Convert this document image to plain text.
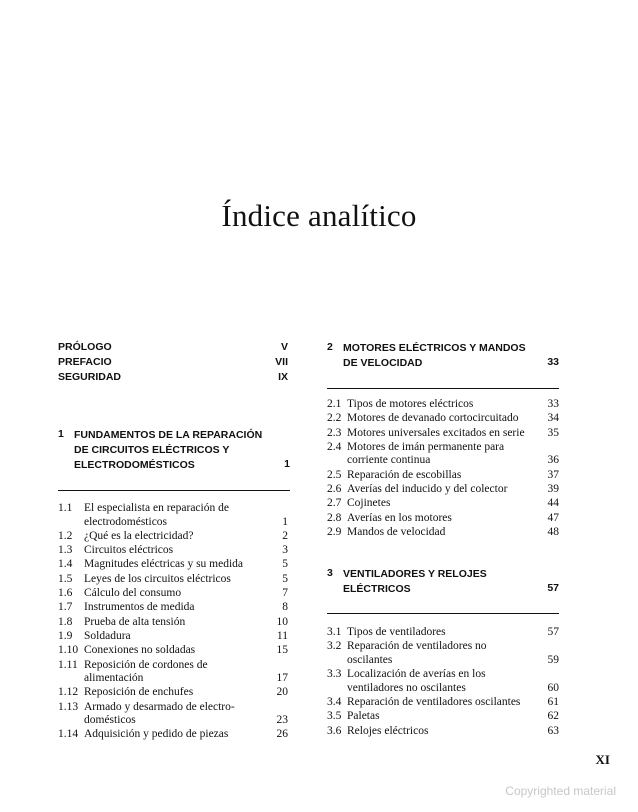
Índice analítico
PRÓLOGO	V
PREFACIO	VII
SEGURIDAD	IX
1 FUNDAMENTOS DE LA REPARACIÓN DE CIRCUITOS ELÉCTRICOS Y ELECTRODOMÉSTICOS	1
1.1 El especialista en reparación de electrodomésticos	1
1.2 ¿Qué es la electricidad?	2
1.3 Circuitos eléctricos	3
1.4 Magnitudes eléctricas y su medida	5
1.5 Leyes de los circuitos eléctricos	5
1.6 Cálculo del consumo	7
1.7 Instrumentos de medida	8
1.8 Prueba de alta tensión	10
1.9 Soldadura	11
1.10 Conexiones no soldadas	15
1.11 Reposición de cordones de alimentación	17
1.12 Reposición de enchufes	20
1.13 Armado y desarmado de electro-domésticos	23
1.14 Adquisición y pedido de piezas	26
2 MOTORES ELÉCTRICOS Y MANDOS DE VELOCIDAD	33
2.1 Tipos de motores eléctricos	33
2.2 Motores de devanado cortocircuitado	34
2.3 Motores universales excitados en serie	35
2.4 Motores de imán permanente para corriente continua	36
2.5 Reparación de escobillas	37
2.6 Averías del inducido y del colector	39
2.7 Cojinetes	44
2.8 Averías en los motores	47
2.9 Mandos de velocidad	48
3 VENTILADORES Y RELOJES ELÉCTRICOS	57
3.1 Tipos de ventiladores	57
3.2 Reparación de ventiladores no oscilantes	59
3.3 Localización de averías en los ventiladores no oscilantes	60
3.4 Reparación de ventiladores oscilantes	61
3.5 Paletas	62
3.6 Relojes eléctricos	63
XI
Copyrighted material
